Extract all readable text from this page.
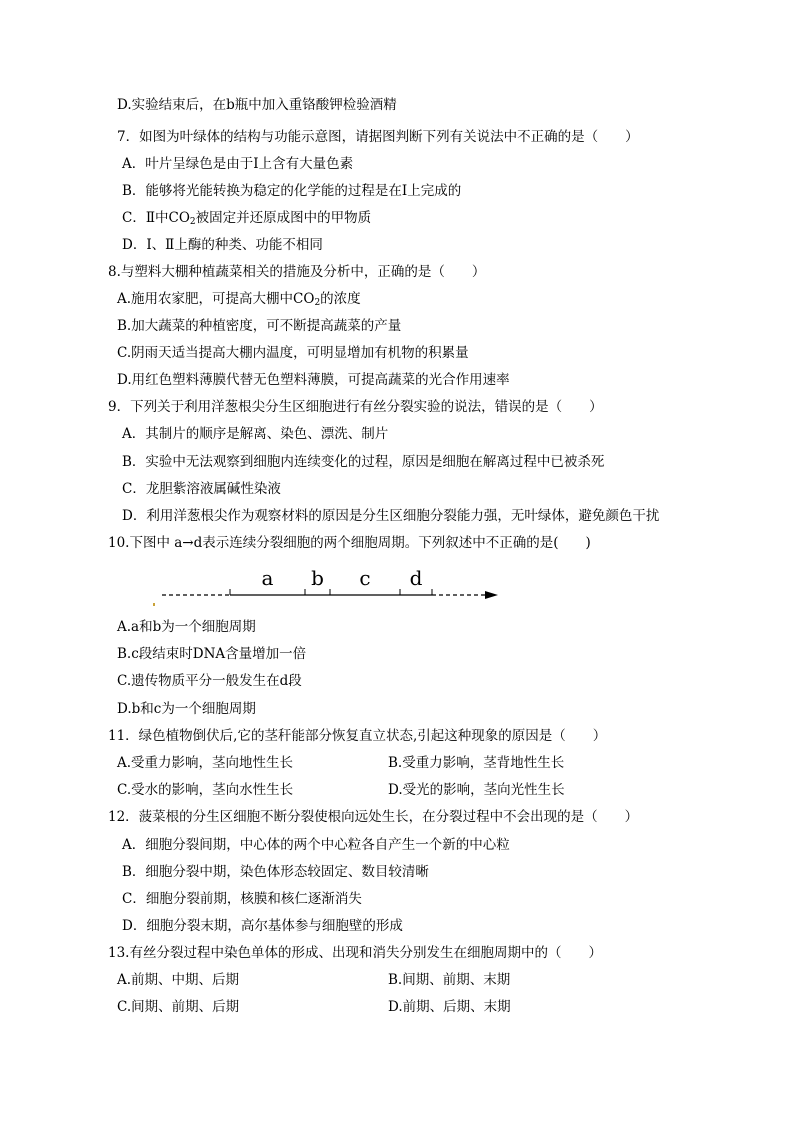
D.实验结束后，在b瓶中加入重铬酸钾检验酒精
7．如图为叶绿体的结构与功能示意图，请据图判断下列有关说法中不正确的是（　　）
A．叶片呈绿色是由于Ⅰ上含有大量色素
B．能够将光能转换为稳定的化学能的过程是在Ⅰ上完成的
C．Ⅱ中$CO_2$被固定并还原成图中的甲物质
D．Ⅰ、Ⅱ上酶的种类、功能不相同
8.与塑料大棚种植蔬菜相关的措施及分析中，正确的是（　　）
A.施用农家肥，可提高大棚中$CO_2$的浓度
B.加大蔬菜的种植密度，可不断提高蔬菜的产量
C.阴雨天适当提高大棚内温度，可明显增加有机物的积累量
D.用红色塑料薄膜代替无色塑料薄膜，可提高蔬菜的光合作用速率
9．下列关于利用洋葱根尖分生区细胞进行有丝分裂实验的说法，错误的是（　　）
A．其制片的顺序是解离、染色、漂洗、制片
B．实验中无法观察到细胞内连续变化的过程，原因是细胞在解离过程中已被杀死
C．龙胆紫溶液属碱性染液
D．利用洋葱根尖作为观察材料的原因是分生区细胞分裂能力强，无叶绿体，避免颜色干扰
10.下图中 a→d表示连续分裂细胞的两个细胞周期。下列叙述中不正确的是(　　)
a b c d
A.a和b为一个细胞周期
B.c段结束时DNA含量增加一倍
C.遗传物质平分一般发生在d段
D.b和c为一个细胞周期
11．绿色植物倒伏后,它的茎秆能部分恢复直立状态,引起这种现象的原因是（　　）
A.受重力影响，茎向地性生长	B.受重力影响，茎背地性生长
C.受水的影响，茎向水性生长	D.受光的影响，茎向光性生长
12．菠菜根的分生区细胞不断分裂使根向远处生长，在分裂过程中不会出现的是（　　）
A．细胞分裂间期，中心体的两个中心粒各自产生一个新的中心粒
B．细胞分裂中期，染色体形态较固定、数目较清晰
C．细胞分裂前期，核膜和核仁逐渐消失
D．细胞分裂末期，高尔基体参与细胞壁的形成
13.有丝分裂过程中染色单体的形成、出现和消失分别发生在细胞周期中的（　　）
A.前期、中期、后期	B.间期、前期、末期
C.间期、前期、后期	D.前期、后期、末期
